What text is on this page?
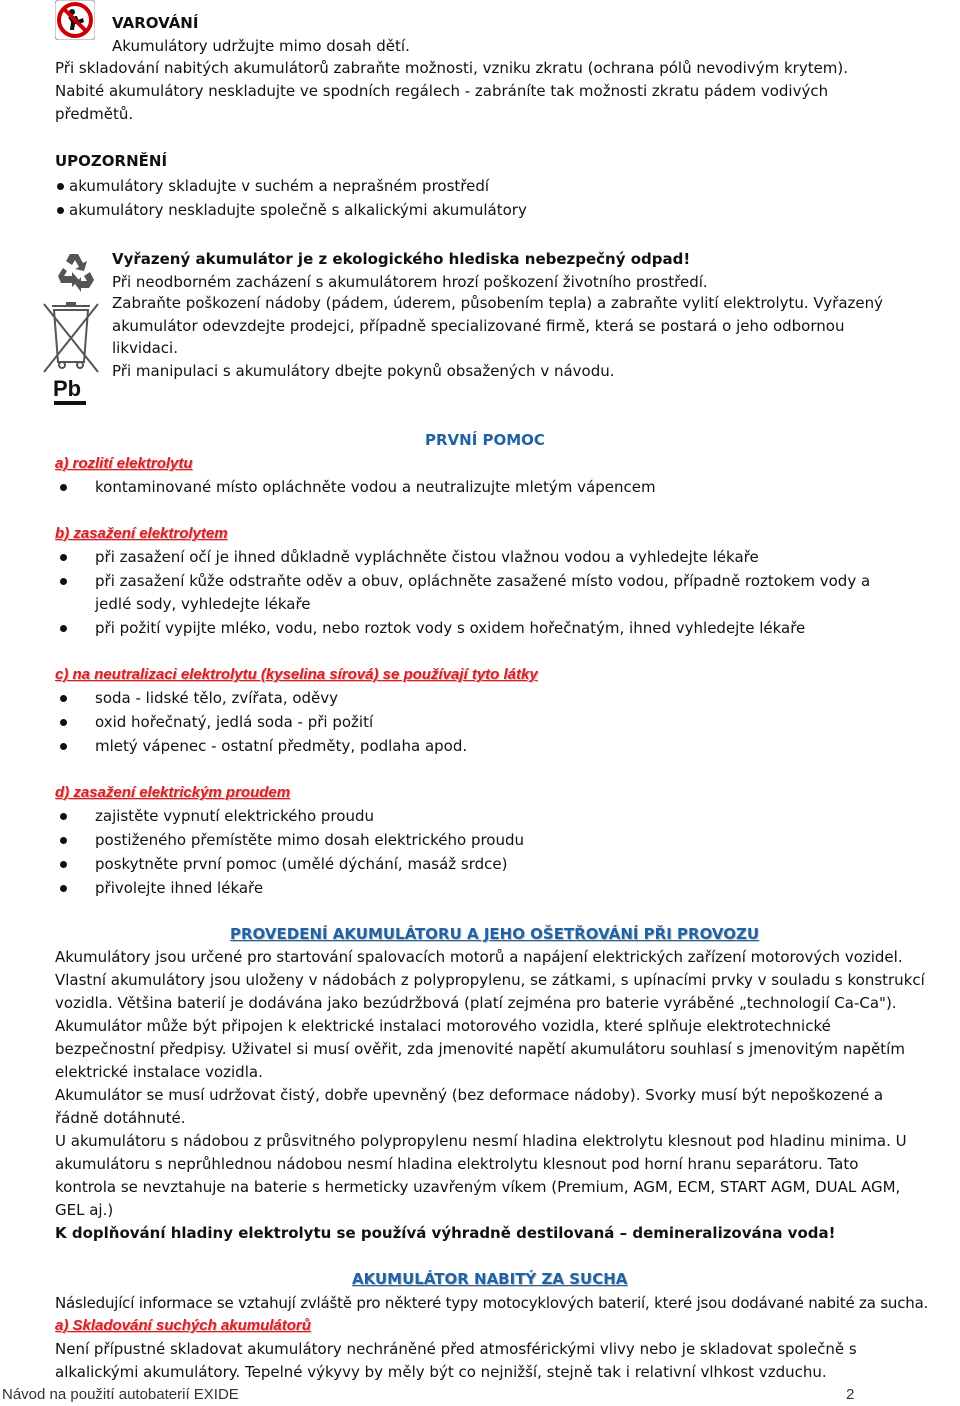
VAROVÁNÍ
Akumulátory udržujte mimo dosah dětí.
Při skladování nabitých akumulátorů zabraňte možnosti, vzniku zkratu (ochrana pólů nevodivým krytem).
Nabité akumulátory neskladujte ve spodních regálech - zabráníte tak možnosti zkratu pádem vodivých
předmětů.
UPOZORNĚNÍ
akumulátory skladujte v suchém a neprašném prostředí
akumulátory neskladujte společně s alkalickými akumulátory
Pb
Vyřazený akumulátor je z ekologického hlediska nebezpečný odpad!
Při neodborném zacházení s akumulátorem hrozí poškození životního prostředí.
Zabraňte poškození nádoby (pádem, úderem, působením tepla) a zabraňte vylití elektrolytu. Vyřazený
akumulátor odevzdejte prodejci, případně specializované firmě, která se postará o jeho odbornou
likvidaci.
Při manipulaci s akumulátory dbejte pokynů obsažených v návodu.
PRVNÍ POMOC
a) rozlití elektrolytu
kontaminované místo opláchněte vodou a neutralizujte mletým vápencem
b) zasažení elektrolytem
při zasažení očí je ihned důkladně vypláchněte čistou vlažnou vodou a vyhledejte lékaře
při zasažení kůže odstraňte oděv a obuv, opláchněte zasažené místo vodou, případně roztokem vody a
jedlé sody, vyhledejte lékaře
při požití vypijte mléko, vodu, nebo roztok vody s oxidem hořečnatým, ihned vyhledejte lékaře
c) na neutralizaci elektrolytu (kyselina sírová) se používají tyto látky
soda - lidské tělo, zvířata, oděvy
oxid hořečnatý, jedlá soda - při požití
mletý vápenec - ostatní předměty, podlaha apod.
d) zasažení elektrickým proudem
zajistěte vypnutí elektrického proudu
postiženého přemístěte mimo dosah elektrického proudu
poskytněte první pomoc (umělé dýchání, masáž srdce)
přivolejte ihned lékaře
PROVEDENÍ AKUMULÁTORU A JEHO OŠETŘOVÁNÍ PŘI PROVOZU
Akumulátory jsou určené pro startování spalovacích motorů a napájení elektrických zařízení motorových vozidel.
Vlastní akumulátory jsou uloženy v nádobách z polypropylenu, se zátkami, s upínacími prvky v souladu s konstrukcí
vozidla. Většina baterií je dodávána jako bezúdržbová (platí zejména pro baterie vyráběné „technologií Ca-Ca").
Akumulátor může být připojen k elektrické instalaci motorového vozidla, které splňuje elektrotechnické
bezpečnostní předpisy. Uživatel si musí ověřit, zda jmenovité napětí akumulátoru souhlasí s jmenovitým napětím
elektrické instalace vozidla.
Akumulátor se musí udržovat čistý, dobře upevněný (bez deformace nádoby). Svorky musí být nepoškozené a
řádně dotáhnuté.
U akumulátoru s nádobou z průsvitného polypropylenu nesmí hladina elektrolytu klesnout pod hladinu minima. U
akumulátoru s neprůhlednou nádobou nesmí hladina elektrolytu klesnout pod horní hranu separátoru. Tato
kontrola se nevztahuje na baterie s hermeticky uzavřeným víkem (Premium, AGM, ECM, START AGM, DUAL AGM,
GEL aj.)
K doplňování hladiny elektrolytu se používá výhradně destilovaná – demineralizována voda!
AKUMULÁTOR NABITÝ ZA SUCHA
Následující informace se vztahují zvláště pro některé typy motocyklových baterií, které jsou dodávané nabité za sucha.
a) Skladování suchých akumulátorů
Není přípustné skladovat akumulátory nechráněné před atmosférickými vlivy nebo je skladovat společně s
alkalickými akumulátory. Tepelné výkyvy by měly být co nejnižší, stejně tak i relativní vlhkost vzduchu.
Návod na použití autobaterií EXIDE	2
